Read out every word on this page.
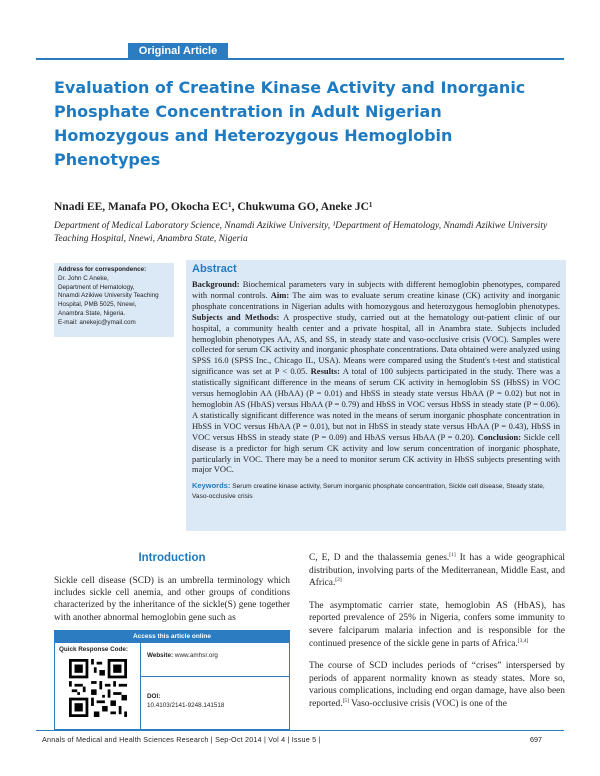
Original Article
Evaluation of Creatine Kinase Activity and Inorganic Phosphate Concentration in Adult Nigerian Homozygous and Heterozygous Hemoglobin Phenotypes
Nnadi EE, Manafa PO, Okocha EC¹, Chukwuma GO, Aneke JC¹
Department of Medical Laboratory Science, Nnamdi Azikiwe University, ¹Department of Hematology, Nnamdi Azikiwe University Teaching Hospital, Nnewi, Anambra State, Nigeria
Address for correspondence:
Dr. John C Aneke,
Department of Hematology,
Nnamdi Azikiwe University Teaching
Hospital, PMB 5025, Nnewi,
Anambra State, Nigeria.
E-mail: anekejc@ymail.com
Abstract
Background: Biochemical parameters vary in subjects with different hemoglobin phenotypes, compared with normal controls. Aim: The aim was to evaluate serum creatine kinase (CK) activity and inorganic phosphate concentrations in Nigerian adults with homozygous and heterozygous hemoglobin phenotypes. Subjects and Methods: A prospective study, carried out at the hematology out-patient clinic of our hospital, a community health center and a private hospital, all in Anambra state. Subjects included hemoglobin phenotypes AA, AS, and SS, in steady state and vaso-occlusive crisis (VOC). Samples were collected for serum CK activity and inorganic phosphate concentrations. Data obtained were analyzed using SPSS 16.0 (SPSS Inc., Chicago IL, USA). Means were compared using the Student's t-test and statistical significance was set at P < 0.05. Results: A total of 100 subjects participated in the study. There was a statistically significant difference in the means of serum CK activity in hemoglobin SS (HbSS) in VOC versus hemoglobin AA (HbAA) (P = 0.01) and HbSS in steady state versus HbAA (P = 0.02) but not in hemoglobin AS (HbAS) versus HbAA (P = 0.79) and HbSS in VOC versus HbSS in steady state (P = 0.06). A statistically significant difference was noted in the means of serum inorganic phosphate concentration in HbSS in VOC versus HbAA (P = 0.01), but not in HbSS in steady state versus HbAA (P = 0.43), HbSS in VOC versus HbSS in steady state (P = 0.09) and HbAS versus HbAA (P = 0.20). Conclusion: Sickle cell disease is a predictor for high serum CK activity and low serum concentration of inorganic phosphate, particularly in VOC. There may be a need to monitor serum CK activity in HbSS subjects presenting with major VOC.
Keywords: Serum creatine kinase activity, Serum inorganic phosphate concentration, Sickle cell disease, Steady state, Vaso-occlusive crisis
Introduction

Sickle cell disease (SCD) is an umbrella terminology which includes sickle cell anemia, and other groups of conditions characterized by the inheritance of the sickle(S) gene together with another abnormal hemoglobin gene such as

Access this article online
Quick Response Code:
Website: www.amhsr.org
DOI:
10.4103/2141-9248.141518

C, E, D and the thalassemia genes.[1] It has a wide geographical distribution, involving parts of the Mediterranean, Middle East, and Africa.[2]

The asymptomatic carrier state, hemoglobin AS (HbAS), has reported prevalence of 25% in Nigeria, confers some immunity to severe falciparum malaria infection and is responsible for the continued presence of the sickle gene in parts of Africa.[3,4]

The course of SCD includes periods of “crises” interspersed by periods of apparent normality known as steady states. More so, various complications, including end organ damage, have also been reported.[5] Vaso-occlusive crisis (VOC) is one of the

Annals of Medical and Health Sciences Research | Sep-Oct 2014 | Vol 4 | Issue 5 |	697
